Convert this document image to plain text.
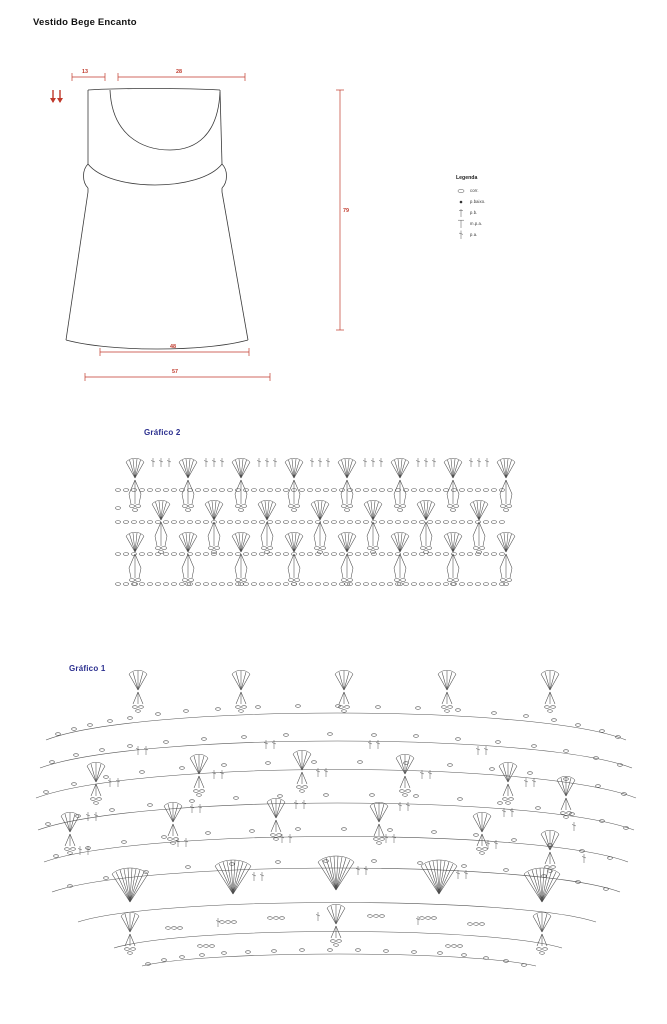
Vestido Bege Encanto
13	28
79
48
57
Legenda
corr.
p.baixo.
p.b.
m.p.a.
p.a.
Gráfico 2
Gráfico 1
